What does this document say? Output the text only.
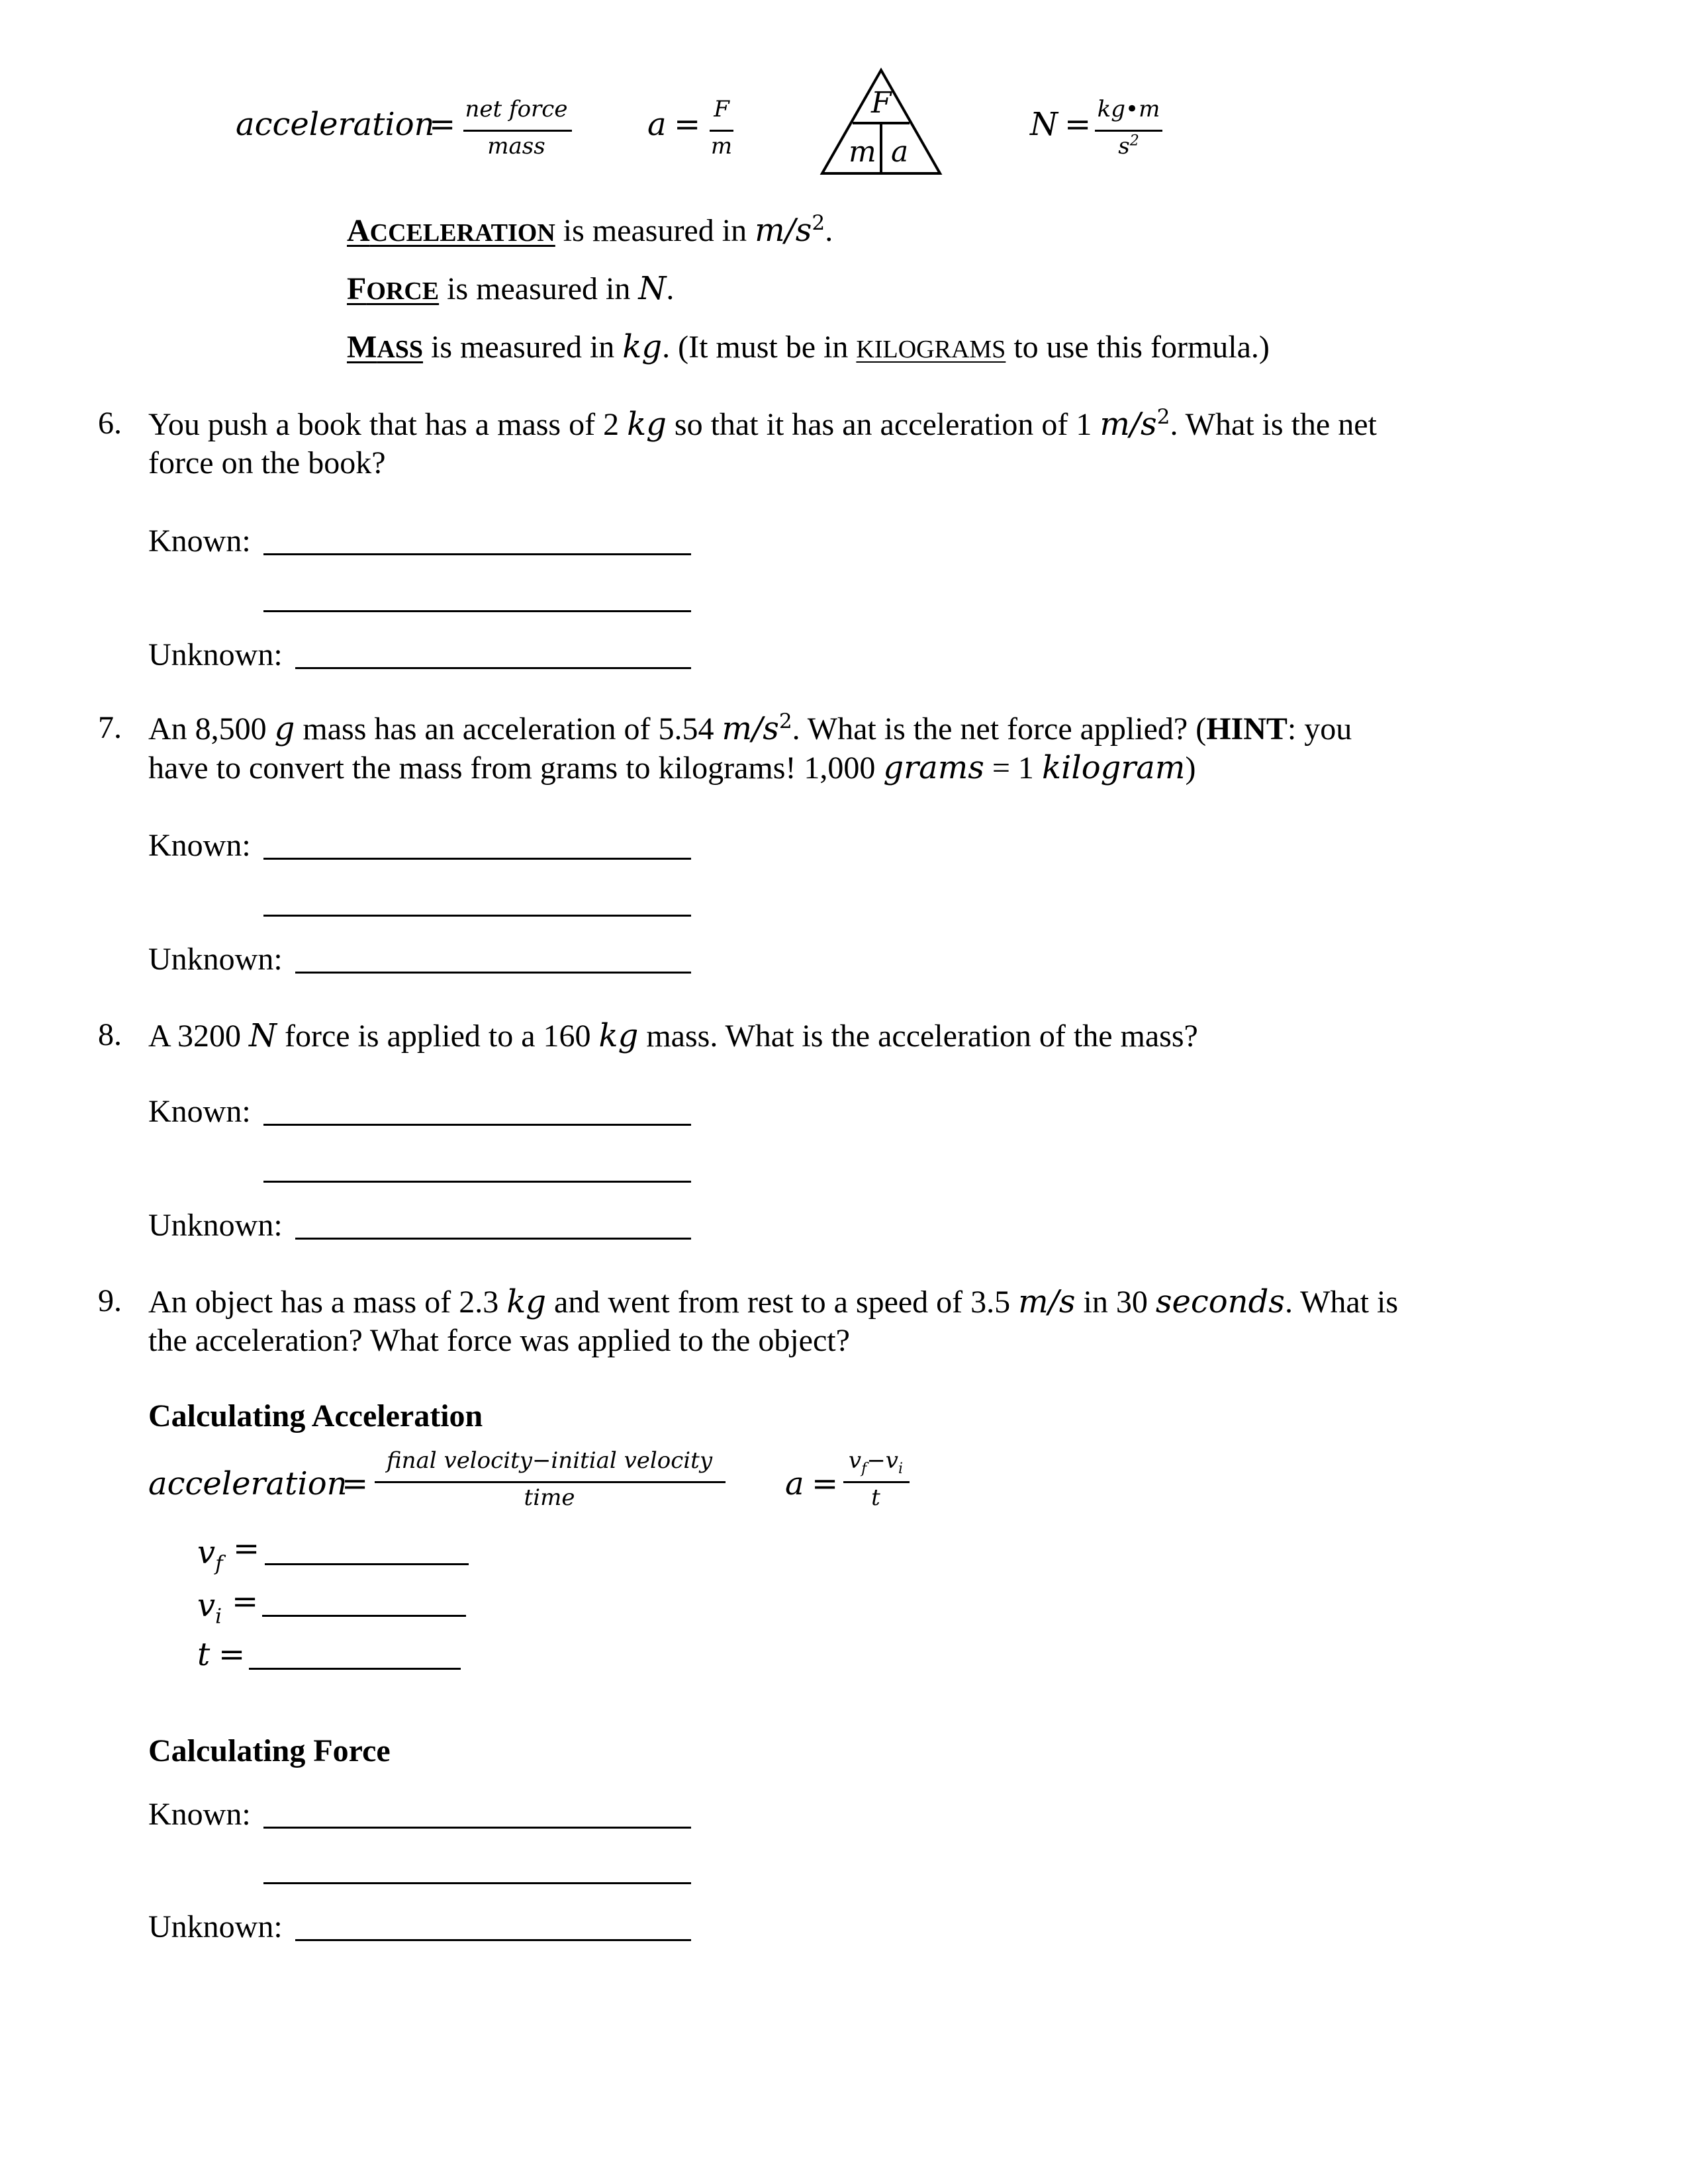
acceleration
= net force
mass
a = F
m
F
m a
N = kg•m
$s^2$
ACCELERATION is measured in $m/s^2$.
FORCE is measured in N.
MASS is measured in kg. (It must be in KILOGRAMS to use this formula.)
6. You push a book that has a mass of 2 kg so that it has an acceleration of 1 $m/s^2$. What is the net
force on the book?
Known:
Unknown:
7. An 8,500 g mass has an acceleration of 5.54 $m/s^2$. What is the net force applied? (HINT: you
have to convert the mass from grams to kilograms! 1,000 grams = 1 kilogram)
Known:
Unknown:
8. A 3200 N force is applied to a 160 kg mass. What is the acceleration of the mass?
Known:
Unknown:
9. An object has a mass of 2.3 kg and went from rest to a speed of 3.5 m/s in 30 seconds. What is
the acceleration? What force was applied to the object?
Calculating Acceleration
acceleration
=
final velocity−initial velocity
time	a =
$v_f-v_i$
t
$v_f$ =
$v_i$ =
t =
Calculating Force
Known:
Unknown:
